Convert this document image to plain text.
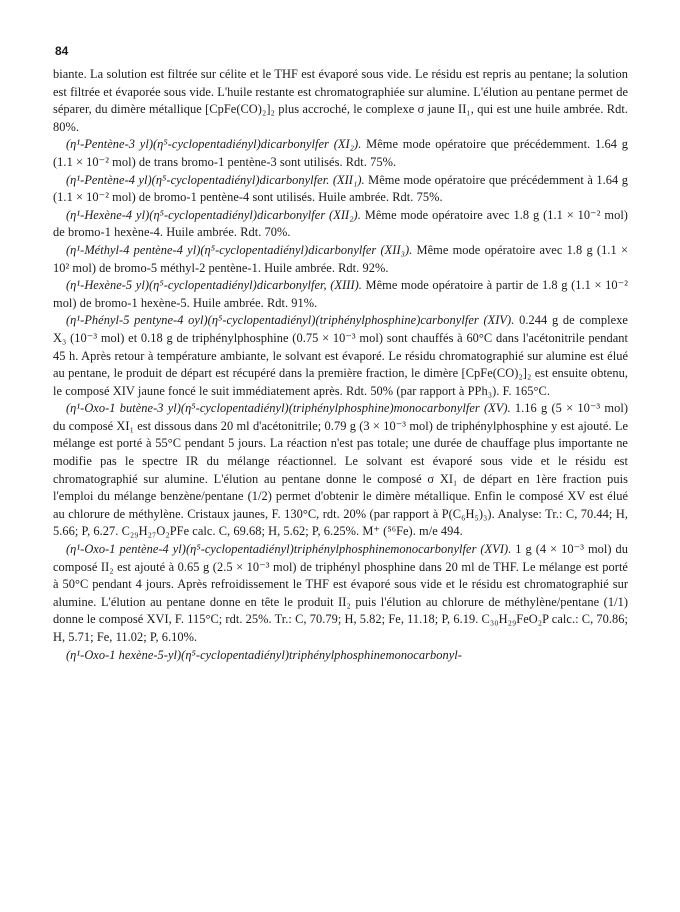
84

biante. La solution est filtrée sur célite et le THF est évaporé sous vide. Le résidu est repris au pentane; la solution est filtrée et évaporée sous vide. L'huile restante est chromatographiée sur alumine. L'élution au pentane permet de séparer, du dimère métallique [CpFe(CO)₂]₂ plus accroché, le complexe σ jaune II₁, qui est une huile ambrée. Rdt. 80%.

(η¹-Pentène-3 yl)(η⁵-cyclopentadiényl)dicarbonylfer (XI₂). Même mode opératoire que précédemment. 1.64 g (1.1 × 10⁻² mol) de trans bromo-1 pentène-3 sont utilisés. Rdt. 75%.

(η¹-Pentène-4 yl)(η⁵-cyclopentadiényl)dicarbonylfer. (XII₁). Même mode opératoire que précédemment à 1.64 g (1.1 × 10⁻² mol) de bromo-1 pentène-4 sont utilisés. Huile ambrée. Rdt. 75%.

(η¹-Hexène-4 yl)(η⁵-cyclopentadiényl)dicarbonylfer (XII₂). Même mode opératoire avec 1.8 g (1.1 × 10⁻² mol) de bromo-1 hexène-4. Huile ambrée. Rdt. 70%.

(η¹-Méthyl-4 pentène-4 yl)(η⁵-cyclopentadiényl)dicarbonylfer (XII₃). Même mode opératoire avec 1.8 g (1.1 × 10² mol) de bromo-5 méthyl-2 pentène-1. Huile ambrée. Rdt. 92%.

(η¹-Hexène-5 yl)(η⁵-cyclopentadiényl)dicarbonylfer, (XIII). Même mode opératoire à partir de 1.8 g (1.1 × 10⁻² mol) de bromo-1 hexène-5. Huile ambrée. Rdt. 91%.

(η¹-Phényl-5 pentyne-4 oyl)(η⁵-cyclopentadiényl)(triphénylphosphine)carbonylfer (XIV). 0.244 g de complexe X₃ (10⁻³ mol) et 0.18 g de triphénylphosphine (0.75 × 10⁻³ mol) sont chauffés à 60°C dans l'acétonitrile pendant 45 h. Après retour à température ambiante, le solvant est évaporé. Le résidu chromatographié sur alumine est élué au pentane, le produit de départ est récupéré dans la première fraction, le dimère [CpFe(CO)₂]₂ est ensuite obtenu, le composé XIV jaune foncé le suit immédiatement après. Rdt. 50% (par rapport à PPh₃). F. 165°C.

(η¹-Oxo-1 butène-3 yl)(η⁵-cyclopentadiényl)(triphénylphosphine)monocarbonylfer (XV). 1.16 g (5 × 10⁻³ mol) du composé XI₁ est dissous dans 20 ml d'acétonitrile; 0.79 g (3 × 10⁻³ mol) de triphénylphosphine y est ajouté. Le mélange est porté à 55°C pendant 5 jours. La réaction n'est pas totale; une durée de chauffage plus importante ne modifie pas le spectre IR du mélange réactionnel. Le solvant est évaporé sous vide et le résidu est chromatographié sur alumine. L'élution au pentane donne le composé σ XI₁ de départ en 1ère fraction puis l'emploi du mélange benzène/pentane (1/2) permet d'obtenir le dimère métallique. Enfin le composé XV est élué au chlorure de méthylène. Cristaux jaunes, F. 130°C, rdt. 20% (par rapport à P(C₆H₅)₃). Analyse: Tr.: C, 70.44; H, 5.66; P, 6.27. C₂₉H₂₇O₂PFe calc. C, 69.68; H, 5.62; P, 6.25%. M⁺ (⁵⁶Fe). m/e 494.

(η¹-Oxo-1 pentène-4 yl)(η⁵-cyclopentadiényl)triphénylphosphinemonocarbonylfer (XVI). 1 g (4 × 10⁻³ mol) du composé II₂ est ajouté à 0.65 g (2.5 × 10⁻³ mol) de triphényl phosphine dans 20 ml de THF. Le mélange est porté à 50°C pendant 4 jours. Après refroidissement le THF est évaporé sous vide et le résidu est chromatographié sur alumine. L'élution au pentane donne en tête le produit II₂ puis l'élution au chlorure de méthylène/pentane (1/1) donne le composé XVI, F. 115°C; rdt. 25%. Tr.: C, 70.79; H, 5.82; Fe, 11.18; P, 6.19. C₃₀H₂₉FeO₂P calc.: C, 70.86; H, 5.71; Fe, 11.02; P, 6.10%.

(η¹-Oxo-1 hexène-5-yl)(η⁵-cyclopentadiényl)triphénylphosphinemonocarbonyl-
